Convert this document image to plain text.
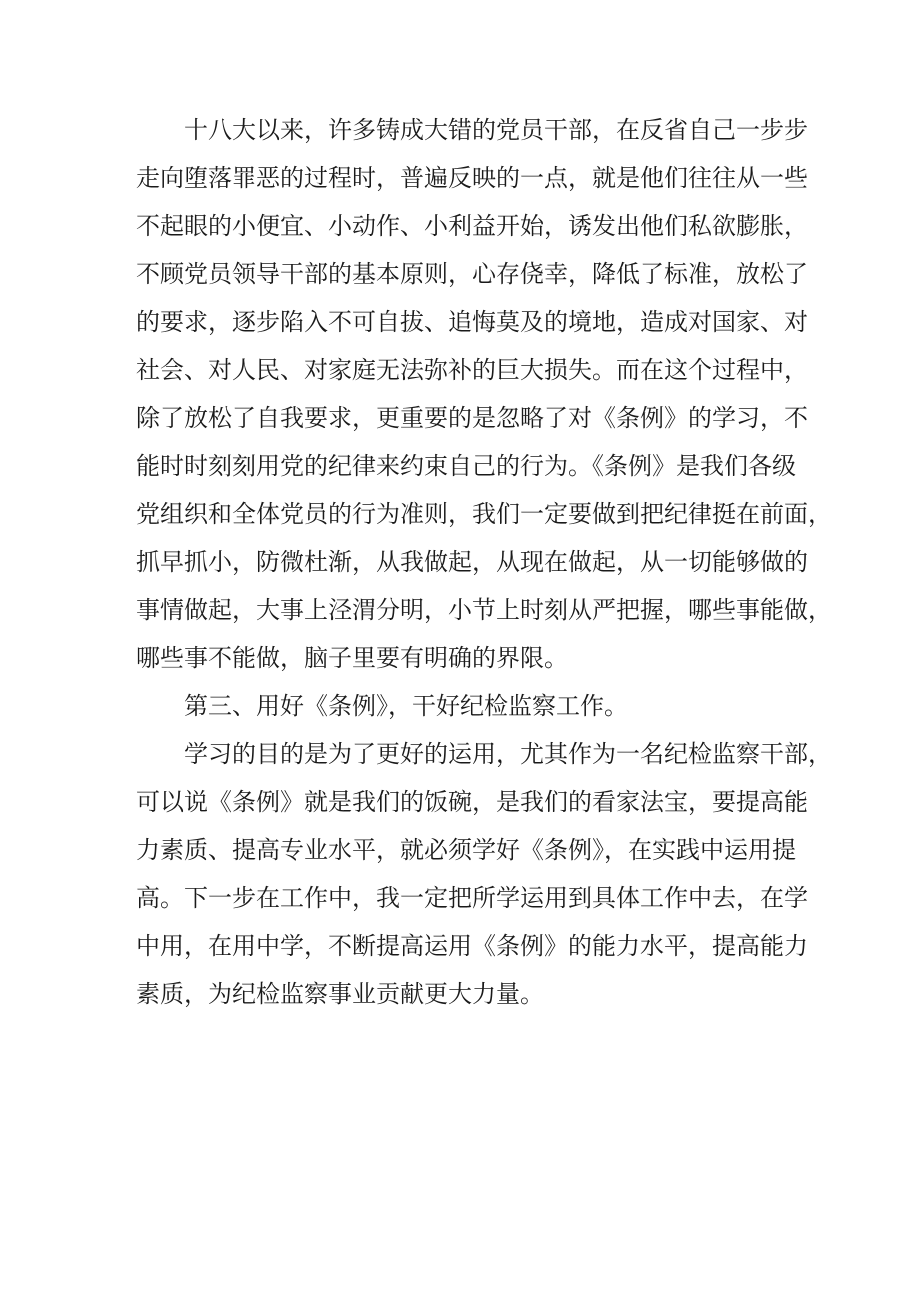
十八大以来，许多铸成大错的党员干部，在反省自己一步步
走向堕落罪恶的过程时，普遍反映的一点，就是他们往往从一些
不起眼的小便宜、小动作、小利益开始，诱发出他们私欲膨胀，
不顾党员领导干部的基本原则，心存侥幸，降低了标准，放松了
的要求，逐步陷入不可自拔、追悔莫及的境地，造成对国家、对
社会、对人民、对家庭无法弥补的巨大损失。而在这个过程中，
除了放松了自我要求，更重要的是忽略了对《条例》的学习，不
能时时刻刻用党的纪律来约束自己的行为。《条例》是我们各级
党组织和全体党员的行为准则，我们一定要做到把纪律挺在前面，
抓早抓小，防微杜渐，从我做起，从现在做起，从一切能够做的
事情做起，大事上泾渭分明，小节上时刻从严把握，哪些事能做，
哪些事不能做，脑子里要有明确的界限。
第三、用好《条例》，干好纪检监察工作。
学习的目的是为了更好的运用，尤其作为一名纪检监察干部，
可以说《条例》就是我们的饭碗，是我们的看家法宝，要提高能
力素质、提高专业水平，就必须学好《条例》，在实践中运用提
高。下一步在工作中，我一定把所学运用到具体工作中去，在学
中用，在用中学，不断提高运用《条例》的能力水平，提高能力
素质，为纪检监察事业贡献更大力量。
